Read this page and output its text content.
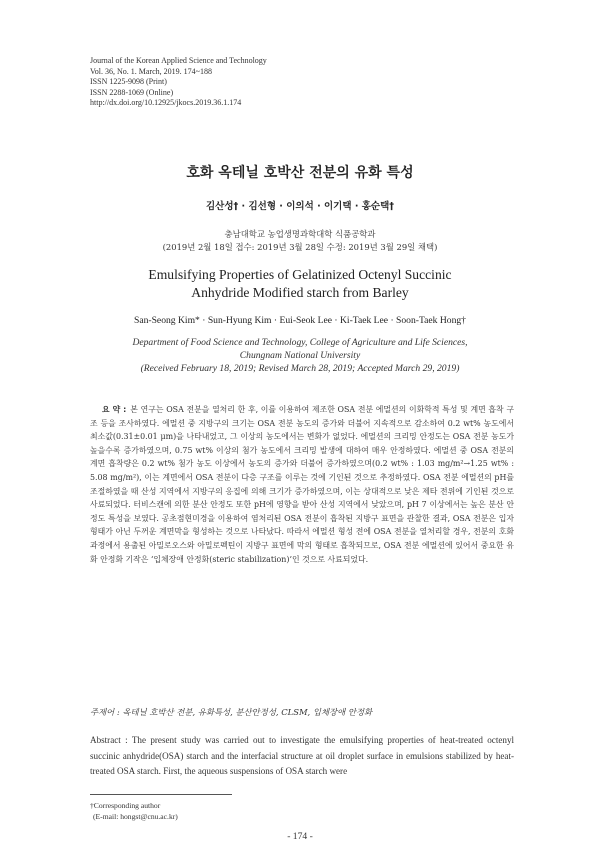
Journal of the Korean Applied Science and Technology
Vol. 36, No. 1. March, 2019. 174~188
ISSN 1225-9098 (Print)
ISSN 2288-1069 (Online)
http://dx.doi.org/10.12925/jkocs.2019.36.1.174
호화 옥테닐 호박산 전분의 유화 특성
김산성† · 김선형 · 이의석 · 이기택 · 홍순택†
충남대학교 농업생명과학대학 식품공학과
(2019년 2월 18일 접수: 2019년 3월 28일 수정: 2019년 3월 29일 채택)
Emulsifying Properties of Gelatinized Octenyl Succinic
Anhydride Modified starch from Barley
San-Seong Kim* · Sun-Hyung Kim · Eui-Seok Lee · Ki-Taek Lee · Soon-Taek Hong†
Department of Food Science and Technology, College of Agriculture and Life Sciences,
Chungnam National University
(Received February 18, 2019; Revised March 28, 2019; Accepted March 29, 2019)
요 약 : 본 연구는 OSA 전분을 열처리 한 후, 이를 이용하여 제조한 OSA 전분 에멀션의 이화학적 특성 및 계면 흡착 구조 등을 조사하였다. 에멀션 중 지방구의 크기는 OSA 전분 농도의 증가와 더불어 지속적으로 감소하여 0.2 wt% 농도에서 최소값(0.31±0.01 μm)을 나타내었고, 그 이상의 농도에서는 변화가 없었다. 에멀션의 크리밍 안정도는 OSA 전분 농도가 높을수록 증가하였으며, 0.75 wt% 이상의 첨가 농도에서 크리밍 발생에 대하여 매우 안정하였다. 에멀션 중 OSA 전분의 계면 흡착량은 0.2 wt% 첨가 농도 이상에서 농도의 증가와 더불어 증가하였으며(0.2 wt% : 1.03 mg/m²→1.25 wt% : 5.08 mg/m²), 이는 계면에서 OSA 전분이 다층 구조를 이루는 것에 기인된 것으로 추정하였다. OSA 전분 에멀션의 pH를 조절하였을 때 산성 지역에서 지방구의 응집에 의해 크기가 증가하였으며, 이는 상대적으로 낮은 제타 전위에 기인된 것으로 사료되었다. 터비스캔에 의한 분산 안정도 또한 pH에 영향을 받아 산성 지역에서 낮았으며, pH 7 이상에서는 높은 분산 안정도 특성을 보였다. 공초점현미경을 이용하여 염처리된 OSA 전분이 흡착된 지방구 표면을 관찰한 결과, OSA 전분은 입자 형태가 아닌 두꺼운 계면막을 형성하는 것으로 나타났다. 따라서 에멀션 형성 전에 OSA 전분을 열처리할 경우, 전분의 호화과정에서 용출된 아밀로오스와 아밀로펙틴이 지방구 표면에 막의 형태로 흡착되므로, OSA 전분 에멀션에 있어서 중요한 유화 안정화 기작은 ‘입체장애 안정화(steric stabilization)’인 것으로 사료되었다.
주제어 : 옥테닐 호박산 전분, 유화특성, 분산안정성, CLSM, 입체장애 안정화
Abstract : The present study was carried out to investigate the emulsifying properties of heat-treated octenyl succinic anhydride(OSA) starch and the interfacial structure at oil droplet surface in emulsions stabilized by heat-treated OSA starch. First, the aqueous suspensions of OSA starch were
†Corresponding author
(E-mail: hongst@cnu.ac.kr)
- 174 -
